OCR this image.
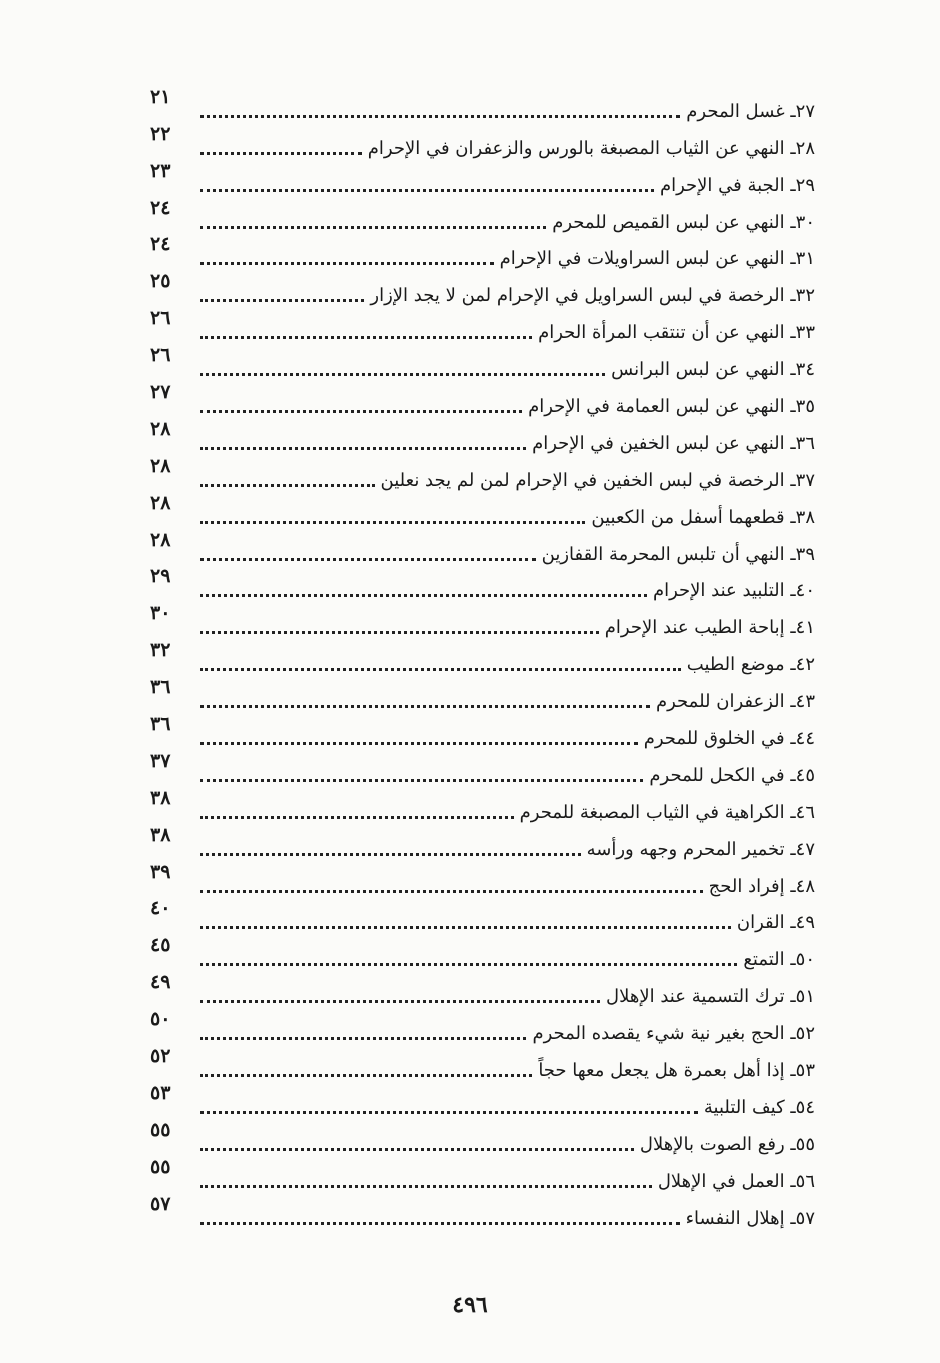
٢٧ـ غسل المحرم
٢١
٢٨ـ النهي عن الثياب المصبغة بالورس والزعفران في الإحرام
٢٢
٢٩ـ الجبة في الإحرام
٢٣
٣٠ـ النهي عن لبس القميص للمحرم
٢٤
٣١ـ النهي عن لبس السراويلات في الإحرام
٢٤
٣٢ـ الرخصة في لبس السراويل في الإحرام لمن لا يجد الإزار
٢٥
٣٣ـ النهي عن أن تنتقب المرأة الحرام
٢٦
٣٤ـ النهي عن لبس البرانس
٢٦
٣٥ـ النهي عن لبس العمامة في الإحرام
٢٧
٣٦ـ النهي عن لبس الخفين في الإحرام
٢٨
٣٧ـ الرخصة في لبس الخفين في الإحرام لمن لم يجد نعلين
٢٨
٣٨ـ قطعهما أسفل من الكعبين
٢٨
٣٩ـ النهي أن تلبس المحرمة القفازين
٢٨
٤٠ـ التلبيد عند الإحرام
٢٩
٤١ـ إباحة الطيب عند الإحرام
٣٠
٤٢ـ موضع الطيب
٣٢
٤٣ـ الزعفران للمحرم
٣٦
٤٤ـ في الخلوق للمحرم
٣٦
٤٥ـ في الكحل للمحرم
٣٧
٤٦ـ الكراهية في الثياب المصبغة للمحرم
٣٨
٤٧ـ تخمير المحرم وجهه ورأسه
٣٨
٤٨ـ إفراد الحج
٣٩
٤٩ـ القران
٤٠
٥٠ـ التمتع
٤٥
٥١ـ ترك التسمية عند الإهلال
٤٩
٥٢ـ الحج بغير نية شيء يقصده المحرم
٥٠
٥٣ـ إذا أهل بعمرة هل يجعل معها حجاً
٥٢
٥٤ـ كيف التلبية
٥٣
٥٥ـ رفع الصوت بالإهلال
٥٥
٥٦ـ العمل في الإهلال
٥٥
٥٧ـ إهلال النفساء
٥٧
٤٩٦
